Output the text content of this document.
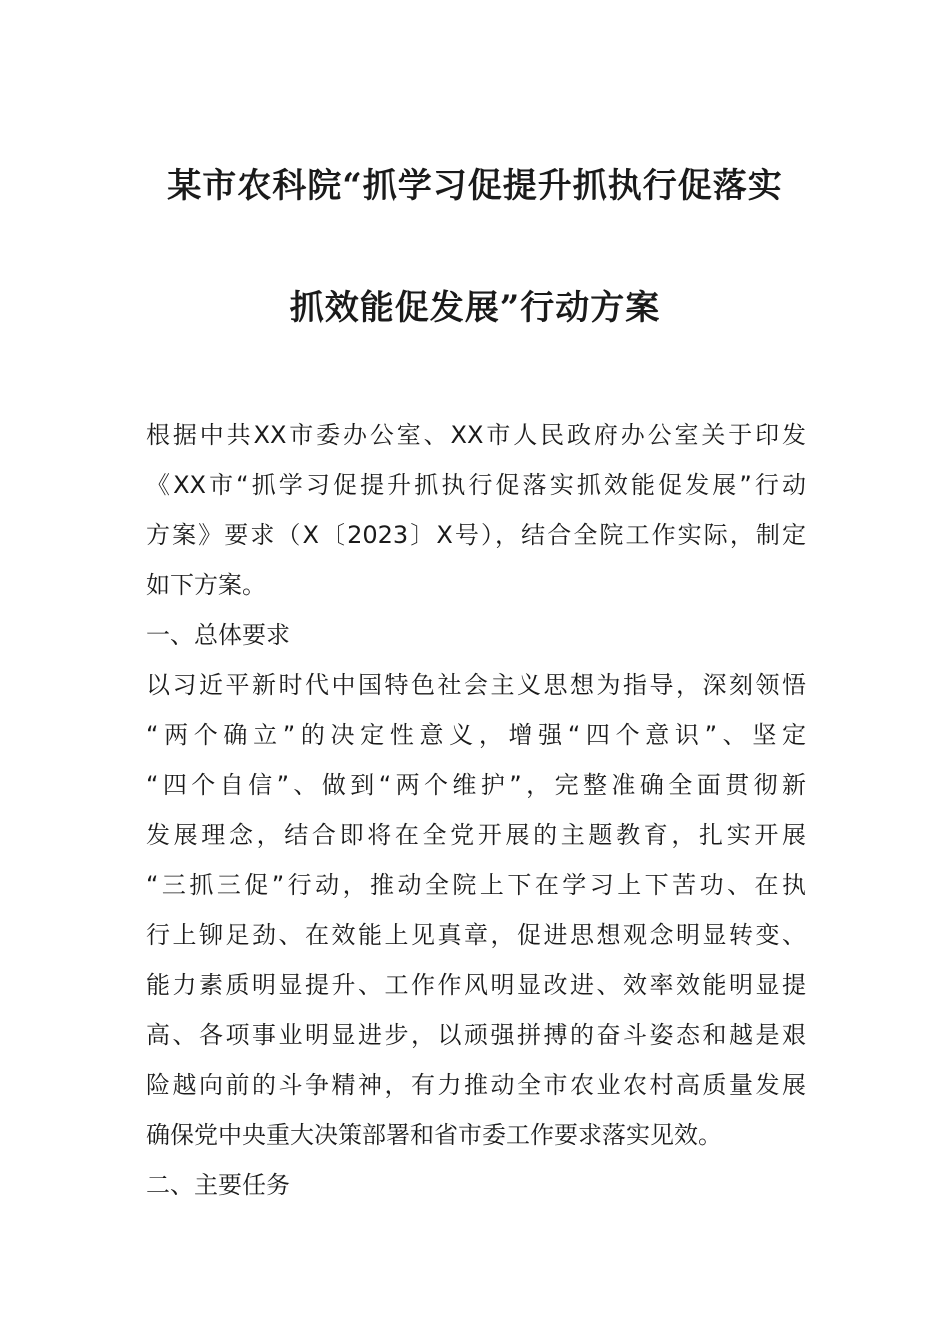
某市农科院“抓学习促提升抓执行促落实
抓效能促发展”行动方案
根据中共XX市委办公室、XX市人民政府办公室关于印发
《XX市“抓学习促提升抓执行促落实抓效能促发展”行动
方案》要求（X〔2023〕X号），结合全院工作实际，制定
如下方案。
一、总体要求
以习近平新时代中国特色社会主义思想为指导，深刻领悟
“两个确立”的决定性意义，增强“四个意识”、坚定
“四个自信”、做到“两个维护”，完整准确全面贯彻新
发展理念，结合即将在全党开展的主题教育，扎实开展
“三抓三促”行动，推动全院上下在学习上下苦功、在执
行上铆足劲、在效能上见真章，促进思想观念明显转变、
能力素质明显提升、工作作风明显改进、效率效能明显提
高、各项事业明显进步，以顽强拼搏的奋斗姿态和越是艰
险越向前的斗争精神，有力推动全市农业农村高质量发展
确保党中央重大决策部署和省市委工作要求落实见效。
二、主要任务
